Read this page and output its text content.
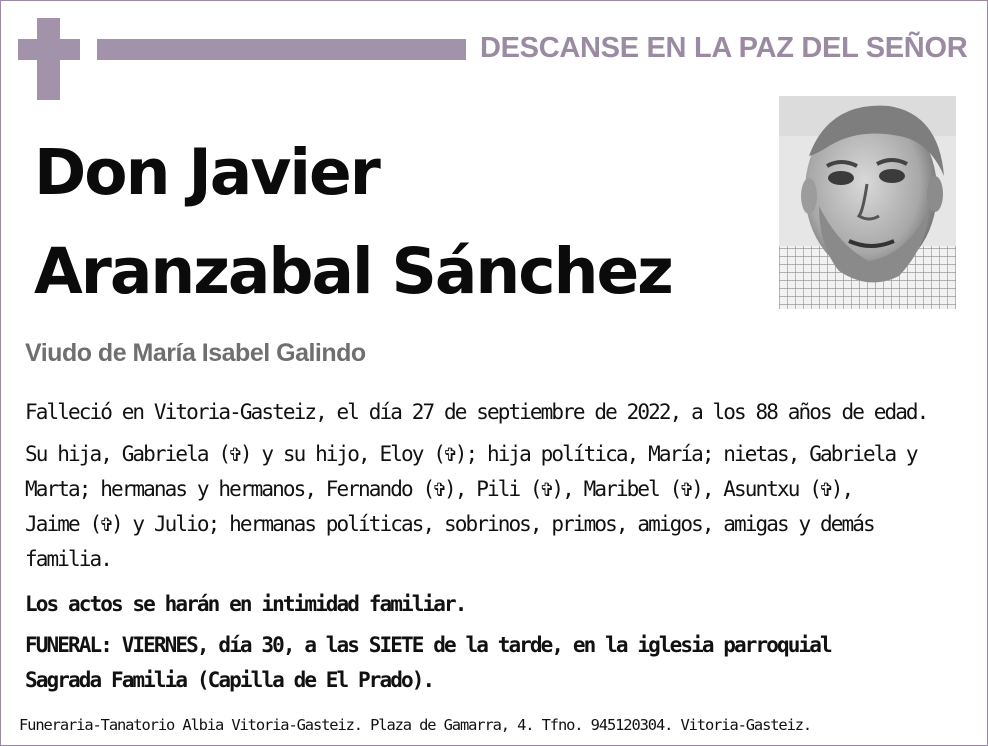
DESCANSE EN LA PAZ DEL SEÑOR
Don Javier
Aranzabal Sánchez
Viudo de María Isabel Galindo
Falleció en Vitoria-Gasteiz, el día 27 de septiembre de 2022, a los 88 años de edad.
Su hija, Gabriela (✞) y su hijo, Eloy (✞); hija política, María; nietas, Gabriela y
Marta; hermanas y hermanos, Fernando (✞), Pili (✞), Maribel (✞), Asuntxu (✞),
Jaime (✞) y Julio; hermanas políticas, sobrinos, primos, amigos, amigas y demás
familia.
Los actos se harán en intimidad familiar.
FUNERAL: VIERNES, día 30, a las SIETE de la tarde, en la iglesia parroquial
Sagrada Familia (Capilla de El Prado).
Funeraria-Tanatorio Albia Vitoria-Gasteiz. Plaza de Gamarra, 4. Tfno. 945120304. Vitoria-Gasteiz.
